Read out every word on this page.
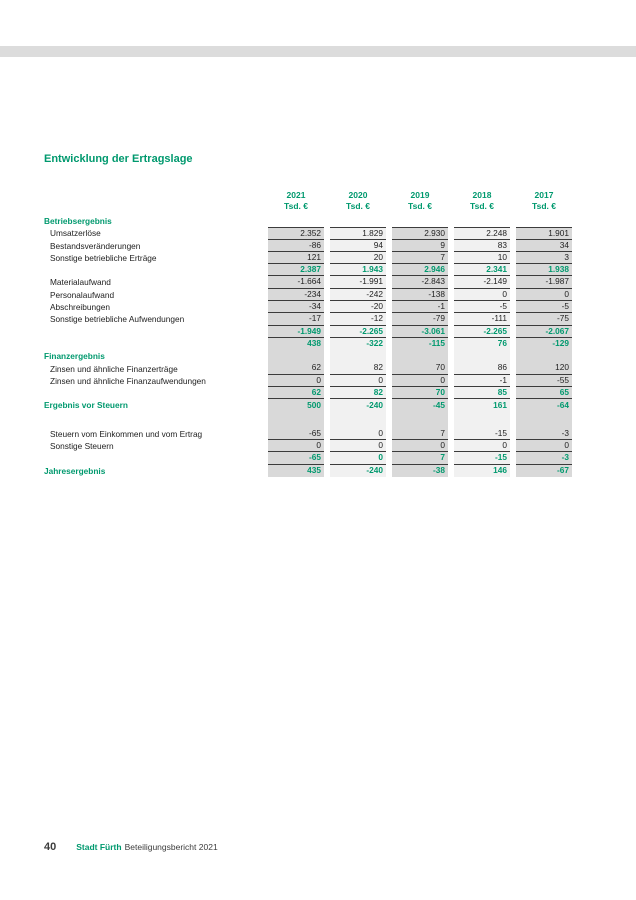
Entwicklung der Ertragslage
2021	2020	2019	2018	2017
Tsd. €	Tsd. €	Tsd. €	Tsd. €	Tsd. €
Betriebsergebnis
Umsatzerlöse	2.352	1.829	2.930	2.248	1.901
Bestandsveränderungen	-86	94	9	83	34
Sonstige betriebliche Erträge	121	20	7	10	3
2.387	1.943	2.946	2.341	1.938
Materialaufwand	-1.664	-1.991	-2.843	-2.149	-1.987
Personalaufwand	-234	-242	-138	0	0
Abschreibungen	-34	-20	-1	-5	-5
Sonstige betriebliche Aufwendungen	-17	-12	-79	-111	-75
-1.949	-2.265	-3.061	-2.265	-2.067
438	-322	-115	76	-129
Finanzergebnis
Zinsen und ähnliche Finanzerträge	62	82	70	86	120
Zinsen und ähnliche Finanzaufwendungen	0	0	0	-1	-55
62	82	70	85	65
Ergebnis vor Steuern	500	-240	-45	161	-64
Steuern vom Einkommen und vom Ertrag	-65	0	7	-15	-3
Sonstige Steuern	0	0	0	0	0
-65	0	7	-15	-3
Jahresergebnis	435	-240	-38	146	-67
40 Stadt Fürth Beteiligungsbericht 2021
